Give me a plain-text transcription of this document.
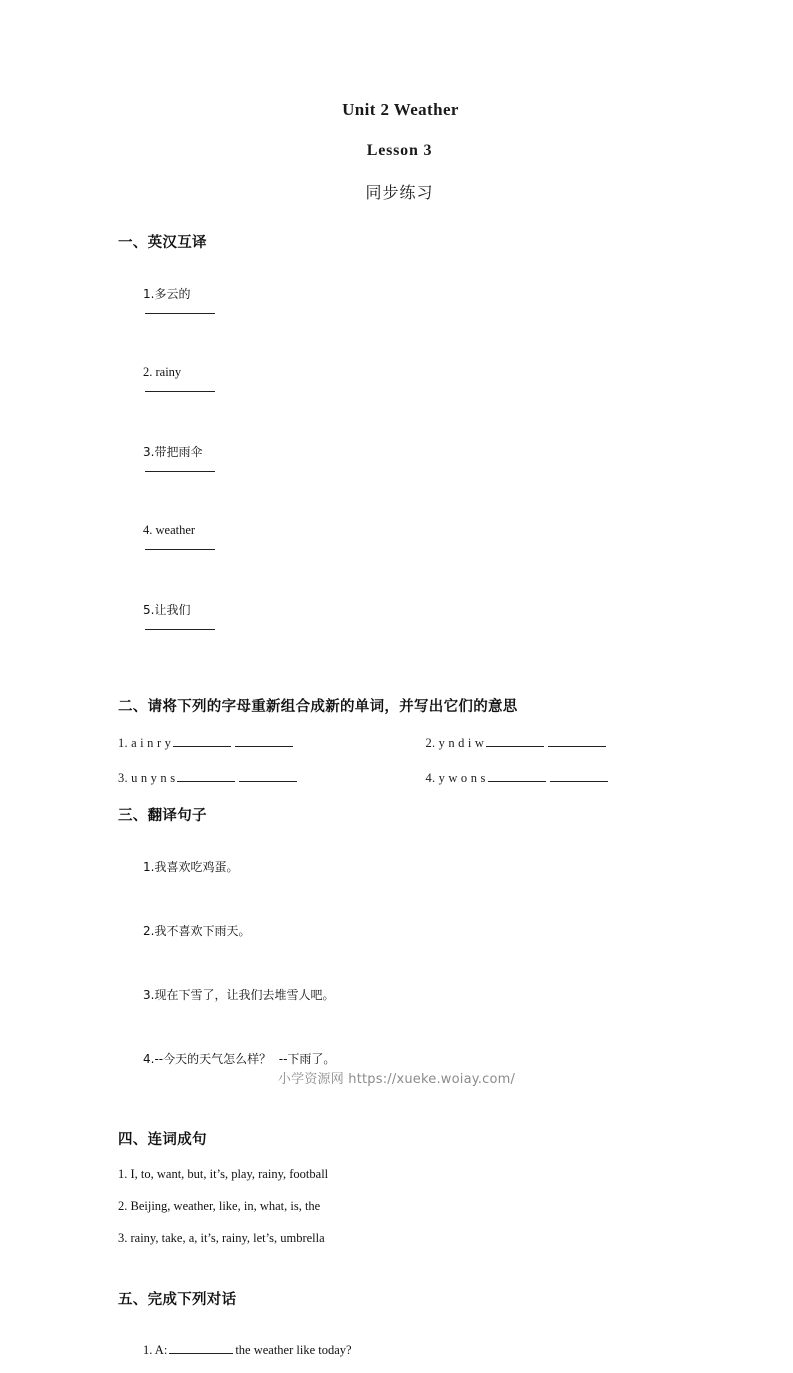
Unit 2 Weather
Lesson 3
同步练习
一、英汉互译

1.多云的

2. rainy

3.带把雨伞

4. weather

5.让我们

二、请将下列的字母重新组合成新的单词，并写出它们的意思
1. a i n r y	2. y n d i w
3. u n y n s	4. y w o n s
三、翻译句子

1.我喜欢吃鸡蛋。

2.我不喜欢下雨天。

3.现在下雪了，让我们去堆雪人吧。

4.--今天的天气怎么样？  --下雨了。

四、连词成句
1. I, to, want, but, it’s, play, rainy, football
2. Beijing, weather, like, in, what, is, the
3. rainy, take, a, it’s, rainy, let’s, umbrella
五、完成下列对话

1. A:	the weather like today?

小学资源网 https://xueke.woiay.com/
